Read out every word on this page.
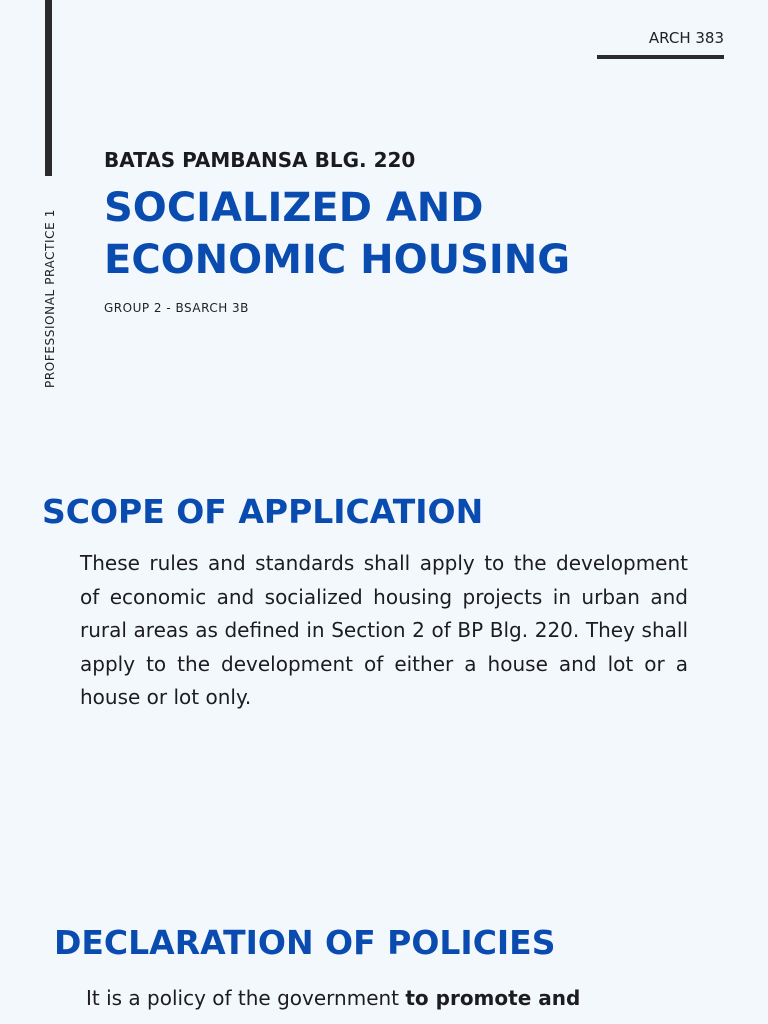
PROFESSIONAL PRACTICE 1
ARCH 383
BATAS PAMBANSA BLG. 220
SOCIALIZED AND
ECONOMIC HOUSING
GROUP 2 - BSARCH 3B
SCOPE OF APPLICATION
These rules and standards shall apply to the development of economic and socialized housing projects in urban and rural areas as defined in Section 2 of BP Blg. 220. They shall apply to the development of either a house and lot or a house or lot only.
DECLARATION OF POLICIES
It is a policy of the government to promote and
